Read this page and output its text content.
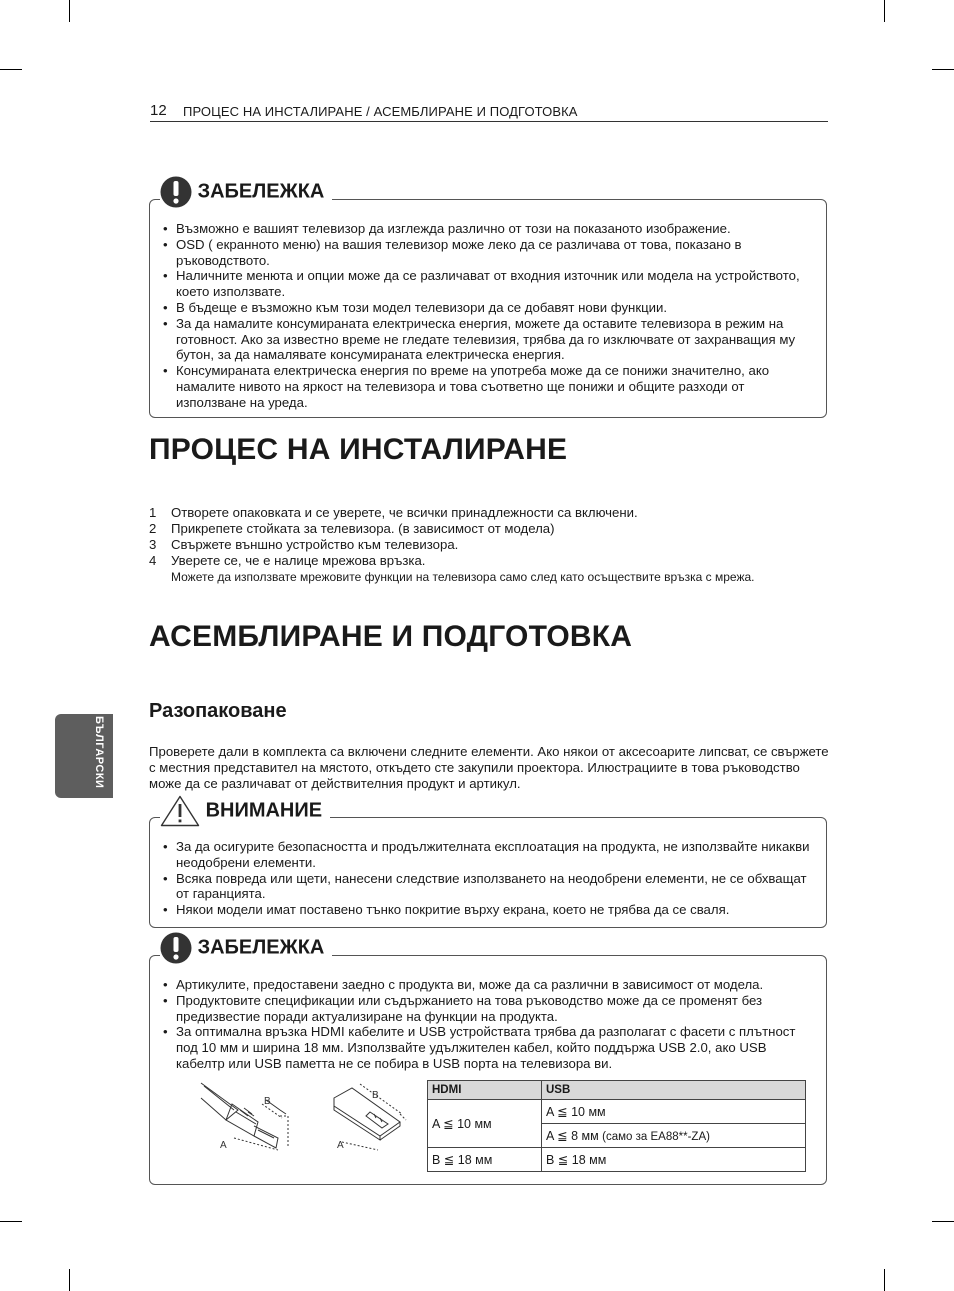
12 ПРОЦЕС НА ИНСТАЛИРАНЕ / АСЕМБЛИРАНЕ И ПОДГОТОВКА
БЪЛГАРСКИ
ЗАБЕЛЕЖКА
• Възможно е вашият телевизор да изглежда различно от този на показаното изображение.
• OSD ( екранното меню) на вашия телевизор може леко да се различава от това, показано в ръководството.
• Наличните менюта и опции може да се различават от входния източник или модела на устройството, което използвате.
• В бъдеще е възможно към този модел телевизори да се добавят нови функции.
• За да намалите консумираната електрическа енергия, можете да оставите телевизора в режим на готовност. Ако за известно време не гледате телевизия, трябва да го изключвате от захранващия му бутон, за да намалявате консумираната електрическа енергия.
• Консумираната електрическа енергия по време на употреба може да се понижи значително, ако намалите нивото на яркост на телевизора и това съответно ще понижи и общите разходи от използване на уреда.
ПРОЦЕС НА ИНСТАЛИРАНЕ
1 Отворете опаковката и се уверете, че всички принадлежности са включени.
2 Прикрепете стойката за телевизора. (в зависимост от модела)
3 Свържете външно устройство към телевизора.
4 Уверете се, че е налице мрежова връзка.
Можете да използвате мрежовите функции на телевизора само след като осъществите връзка с мрежа.
АСЕМБЛИРАНЕ И ПОДГОТОВКА
Разопаковане
Проверете дали в комплекта са включени следните елементи. Ако някои от аксесоарите липсват, се свържете с местния представител на мястото, откъдето сте закупили проектора. Илюстрациите в това ръководство може да се различават от действителния продукт и артикул.
ВНИМАНИЕ
• За да осигурите безопасността и продължителната експлоатация на продукта, не използвайте никакви неодобрени елементи.
• Всяка повреда или щети, нанесени следствие използването на неодобрени елементи, не се обхващат от гаранцията.
• Някои модели имат поставено тънко покритие върху екрана, което не трябва да се сваля.
ЗАБЕЛЕЖКА
• Артикулите, предоставени заедно с продукта ви, може да са различни в зависимост от модела.
• Продуктовите спецификации или съдържанието на това ръководство може да се променят без предизвестие поради актуализиране на функции на продукта.
• За оптимална връзка HDMI кабелите и USB устройствата трябва да разполагат с фасети с плътност под 10 мм и ширина 18 мм. Използвайте удължителен кабел, който поддържа USB 2.0, ако USB кабелтр или USB паметта не се побира в USB порта на телевизора ви.
B
A
B
A
HDMI	USB
A ≦ 10 мм	A ≦ 10 мм
	A ≦ 8 мм (само за EA88**-ZA)
B ≦ 18 мм	B ≦ 18 мм
